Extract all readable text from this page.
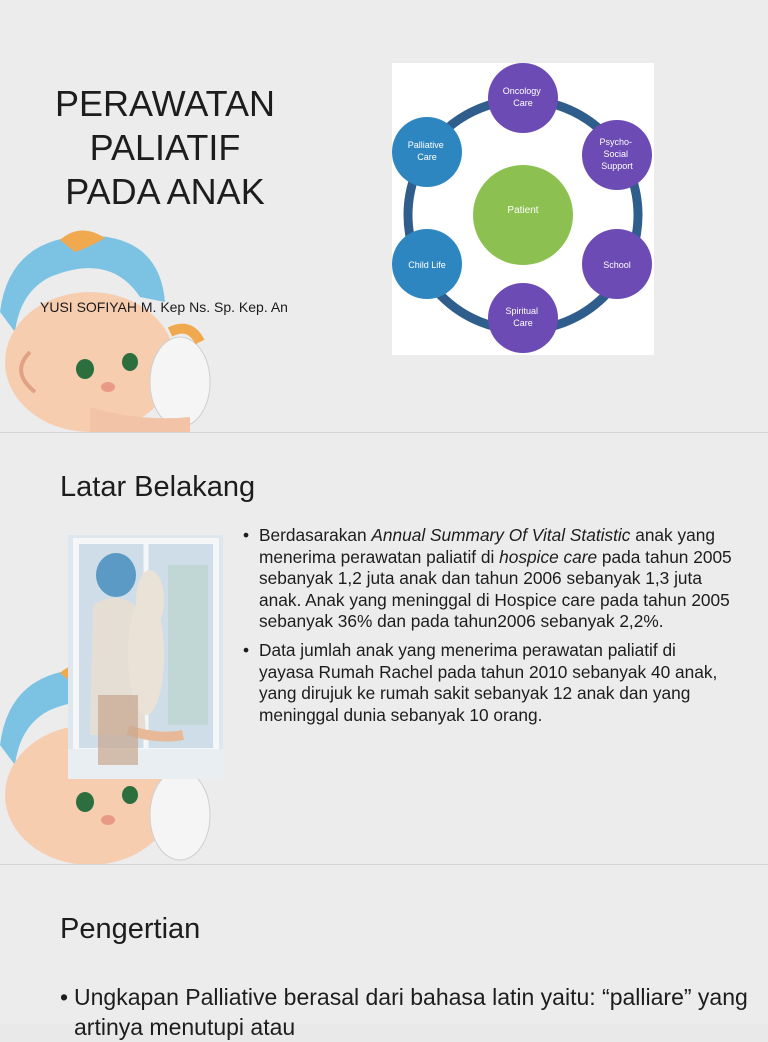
PERAWATAN
PALIATIF
PADA ANAK
YUSI SOFIYAH M. Kep Ns. Sp. Kep. An
Patient
Oncology Care
Psycho- Social Support
School
Spiritual Care
Child Life
Palliative Care
Latar Belakang
• Berdasarakan Annual Summary Of Vital Statistic anak yang menerima perawatan paliatif di hospice care pada tahun 2005 sebanyak 1,2 juta anak dan tahun 2006 sebanyak 1,3 juta anak. Anak yang meninggal di Hospice care pada tahun 2005 sebanyak 36% dan pada tahun2006 sebanyak 2,2%.
• Data jumlah anak yang menerima perawatan paliatif di yayasa Rumah Rachel pada tahun 2010 sebanyak 40 anak, yang dirujuk ke rumah sakit sebanyak 12 anak dan yang meninggal dunia sebanyak 10 orang.
Pengertian
• Ungkapan Palliative berasal dari bahasa latin yaitu: “palliare” yang artinya menutupi atau
